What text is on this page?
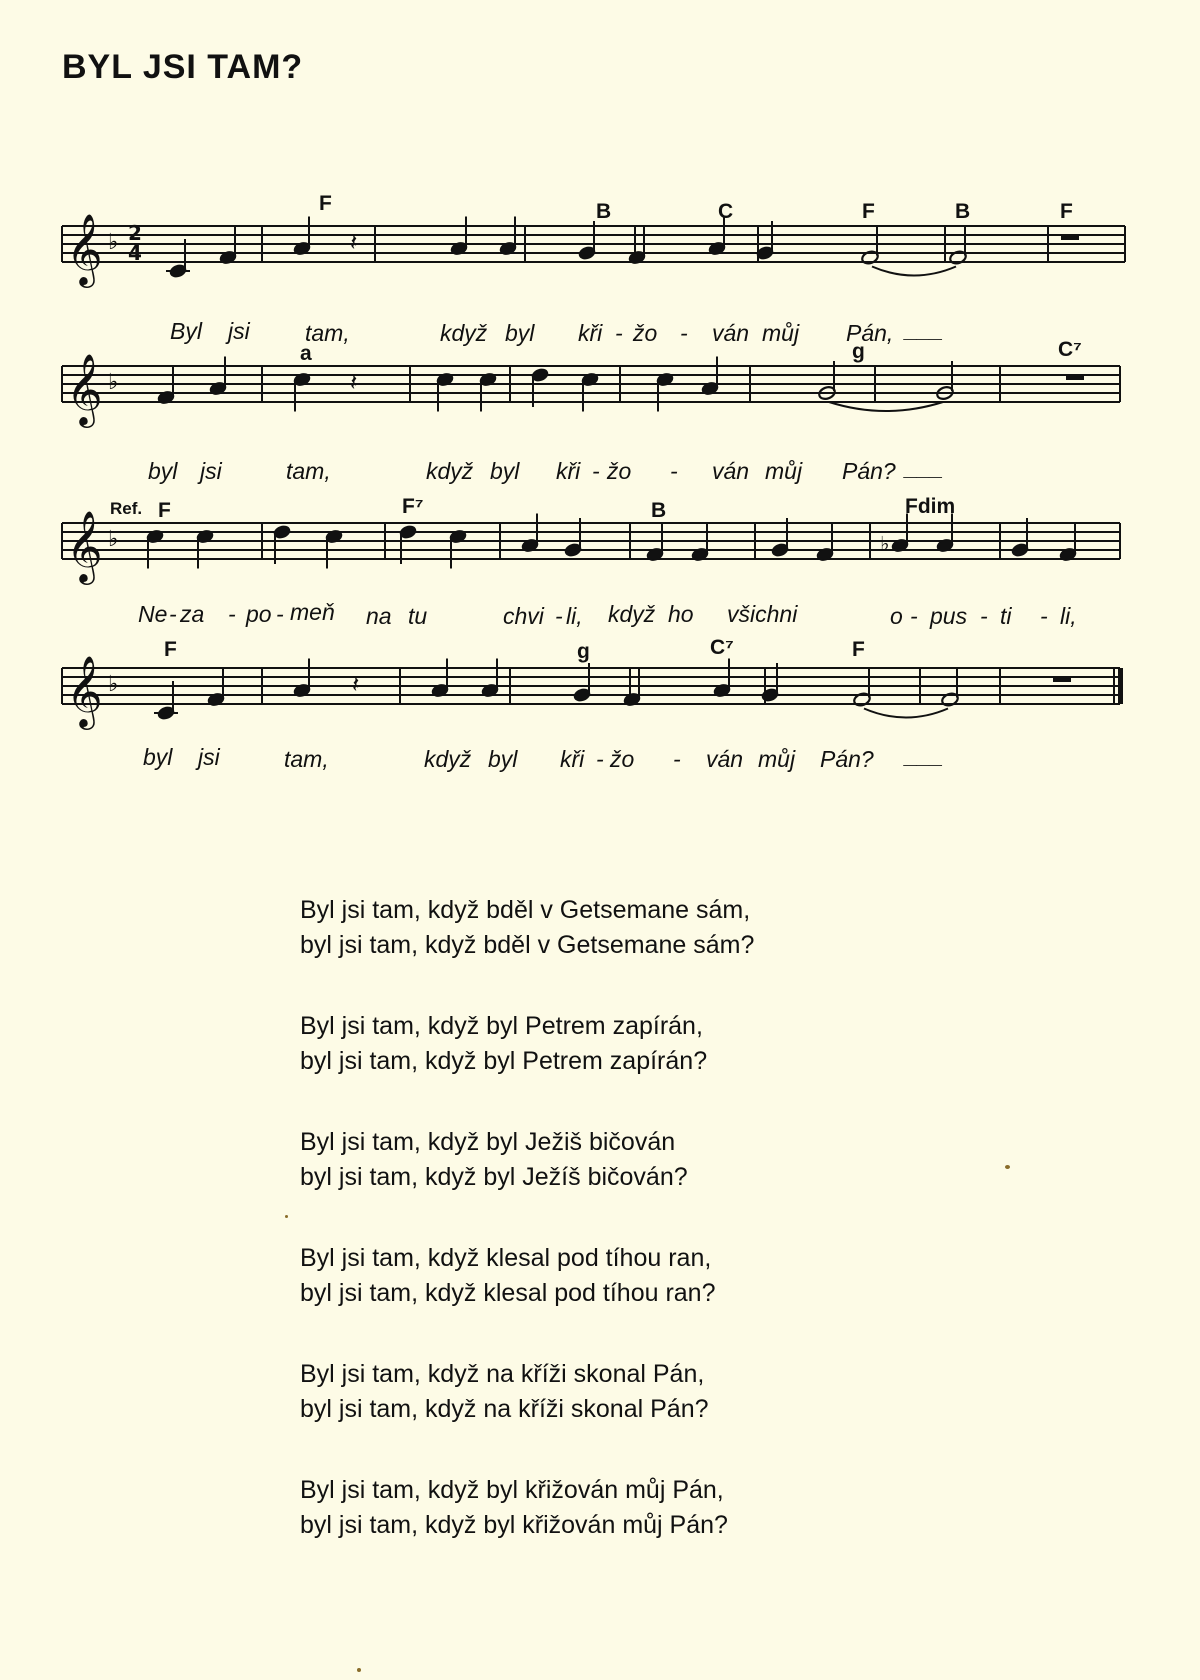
BYL JSI TAM?
𝄞 ♭ 2
4	𝄽
F	B	C	F	B	F
Byl jsi tam,	když byl kři - žo - ván můj Pán, ___
𝄞 ♭	𝄽
a	g	C⁷
byl jsi	tam,	když byl kři - žo - ván můj Pán? ___
𝄞 ♭	♭
Ref. F	F⁷	B	Fdim
Ne - za - po - meň na tu	chvi - li, když ho všichni	o - pus - ti - li,
𝄞 ♭	𝄽
F	g	C⁷	F
byl jsi	tam,	když byl kři - žo - ván můj Pán? ___
Byl jsi tam, když bděl v Getsemane sám,
byl jsi tam, když bděl v Getsemane sám?
Byl jsi tam, když byl Petrem zapírán,
byl jsi tam, když byl Petrem zapírán?
Byl jsi tam, když byl Ježiš bičován
byl jsi tam, když byl Ježíš bičován?
Byl jsi tam, když klesal pod tíhou ran,
byl jsi tam, když klesal pod tíhou ran?
Byl jsi tam, když na kříži skonal Pán,
byl jsi tam, když na kříži skonal Pán?
Byl jsi tam, když byl křižován můj Pán,
byl jsi tam, když byl křižován můj Pán?
